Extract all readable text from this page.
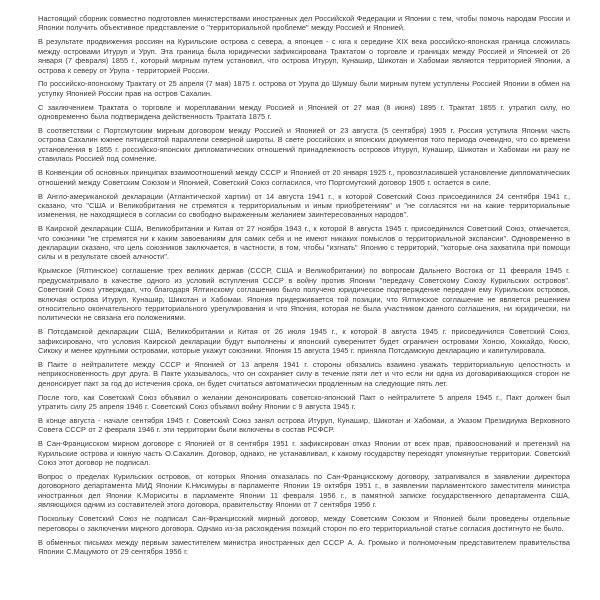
Настоящий сборник совместно подготовлен министерствами иностранных дел Российской Федерации и Японии с тем, чтобы помочь народам России и Японии получить объективное представление о "территориальной проблеме" между Россией и Японией.

В результате продвижения россиян на Курильские острова с севера, а японцев - с юга к середине XIX века российско-японская граница сложилась между островами Итуруп и Уруп. Эта граница была юридически зафиксирована Трактатом о торговле и границах между Россией и Японией от 26 января (7 февраля) 1855 г., который мирным путем установил, что острова Итуруп, Кунашир, Шикотан и Хабомаи являются территорией Японии, а острова к северу от Урупа - территорией России.

По российско-японскому Трактату от 25 апреля (7 мая) 1875 г. острова от Урупа до Шумшу были мирным путем уступлены Россией Японии в обмен на уступку Японией России прав на остров Сахалин.

С заключением Трактата о торговле и мореплавании между Россией и Японией от 27 мая (8 июня) 1895 г. Трактат 1855 г. утратил силу, но одновременно была подтверждена действенность Трактата 1875 г.

В соответствии с Портсмутским мирным договором между Россией и Японией от 23 августа (5 сентября) 1905 г. Россия уступила Японии часть острова Сахалин южнее пятидесятой параллели северной широты. В свете российских и японских документов того периода очевидно, что со времени установления в 1855 г. российско-японских дипломатических отношений принадлежность островов Итуруп, Кунашир, Шикотан и Хабомаи ни разу не ставилась Россией под сомнение.

В Конвенции об основных принципах взаимоотношений между СССР и Японией от 20 января 1925 г., провозгласившей установление дипломатических отношений между Советским Союзом и Японией, Советский Союз согласился, что Портсмутский договор 1905 г. остается в силе.

В Англо-американской декларации (Атлантической хартии) от 14 августа 1941 г., к которой Советский Союз присоединился 24 сентября 1941 г., сказано, что "США и Великобритания не стремятся к территориальным и иным приобретениям" и "не согласятся ни на какие территориальные изменения, не находящиеся в согласии со свободно выраженным желанием заинтересованных народов".

В Каирской декларации США, Великобритании и Китая от 27 ноября 1943 г., к которой 8 августа 1945 г. присоединился Советский Союз, отмечается, что союзники "не стремятся ни к каким завоеваниям для самих себя и не имеют никаких помыслов о территориальной экспансии". Одновременно в декларации сказано, что цель союзников заключается, в частности, в том, чтобы "изгнать" Японию с территорий, "которые она захватила при помощи силы и в результате своей алчности".

Крымское (Ялтинское) соглашение трех великих держав (СССР, США и Великобритании) по вопросам Дальнего Востока от 11 февраля 1945 г. предусматривало в качестве одного из условий вступления СССР в войну против Японии "передачу Советскому Союзу Курильских островов". Советский Союз утверждал, что благодаря Ялтинскому соглашению было получено юридическое подтверждение передачи ему Курильских островов, включая острова Итуруп, Кунашир, Шикотан и Хабомаи. Япония придерживается той позиции, что Ялтинское соглашение не является решением относительно окончательного территориального урегулирования и что Япония, которая не была участником данного соглашения, ни юридически, ни политически не связана его положениями.

В Потсдамской декларации США, Великобритании и Китая от 26 июля 1945 г., к которой 8 августа 1945 г. присоединился Советский Союз, зафиксировано, что условия Каирской декларации будут выполнены и японский суверенитет будет ограничен островами Хонсю, Хоккайдо, Кюсю, Сикоку и менее крупными островами, которые укажут союзники. Япония 15 августа 1945 г. приняла Потсдамскую декларацию и капитулировала.

В Пакте о нейтралитете между СССР и Японией от 13 апреля 1941 г. стороны обязались взаимно уважать территориальную целостность и неприкосновенность друг друга. В Пакте указывалось, что он сохраняет силу в течение пяти лет и что если ни одна из договаривающихся сторон не денонсирует пакт за год до истечения срока, он будет считаться автоматически продленным на следующие пять лет.

После того, как Советский Союз объявил о желании денонсировать советско-японский Пакт о нейтралитете 5 апреля 1945 г., Пакт должен был утратить силу 25 апреля 1946 г. Советский Союз объявил войну Японии с 9 августа 1945 г.

В конце августа - начале сентября 1945 г. Советский Союз занял острова Итуруп, Кунашир, Шикотан и Хабомаи, а Указом Президиума Верховного Совета СССР от 2 февраля 1946 г. эти территории были включены в состав РСФСР.

В Сан-Францисском мирном договоре с Японией от 8 сентября 1951 г. зафиксирован отказ Японии от всех прав, правооснований и претензий на Курильские острова и южную часть О.Сахалин. Договор, однако, не устанавливал, к какому государству переходят упомянутые территории. Советский Союз этот договор не подписал.

Вопрос о пределах Курильских островов, от которых Япония отказалась по Сан-Францисскому договору, затрагивался в заявлении директора договорного департамента МИД Японии К.Нисимуры в парламенте Японии 19 октября 1951 г., в заявлении парламентского заместителя министра иностранных дел Японии К.Мориситы в парламенте Японии 11 февраля 1956 г., в памятной записке государственного департамента США, являющихся одним из составителей этого договора, правительству Японии от 7 сентября 1956 г.

Поскольку Советский Союз не подписал Сан-Францисский мирный договор, между Советским Союзом и Японией были проведены отдельные переговоры о заключении мирного договора. Однако из-за расхождения позиций сторон по его территориальной статье согласия достигнуто не было.

В обменных письмах между первым заместителем министра иностранных дел СССР А. А. Громыко и полномочным представителем правительства Японии С.Мацумото от 29 сентября 1956 г.
